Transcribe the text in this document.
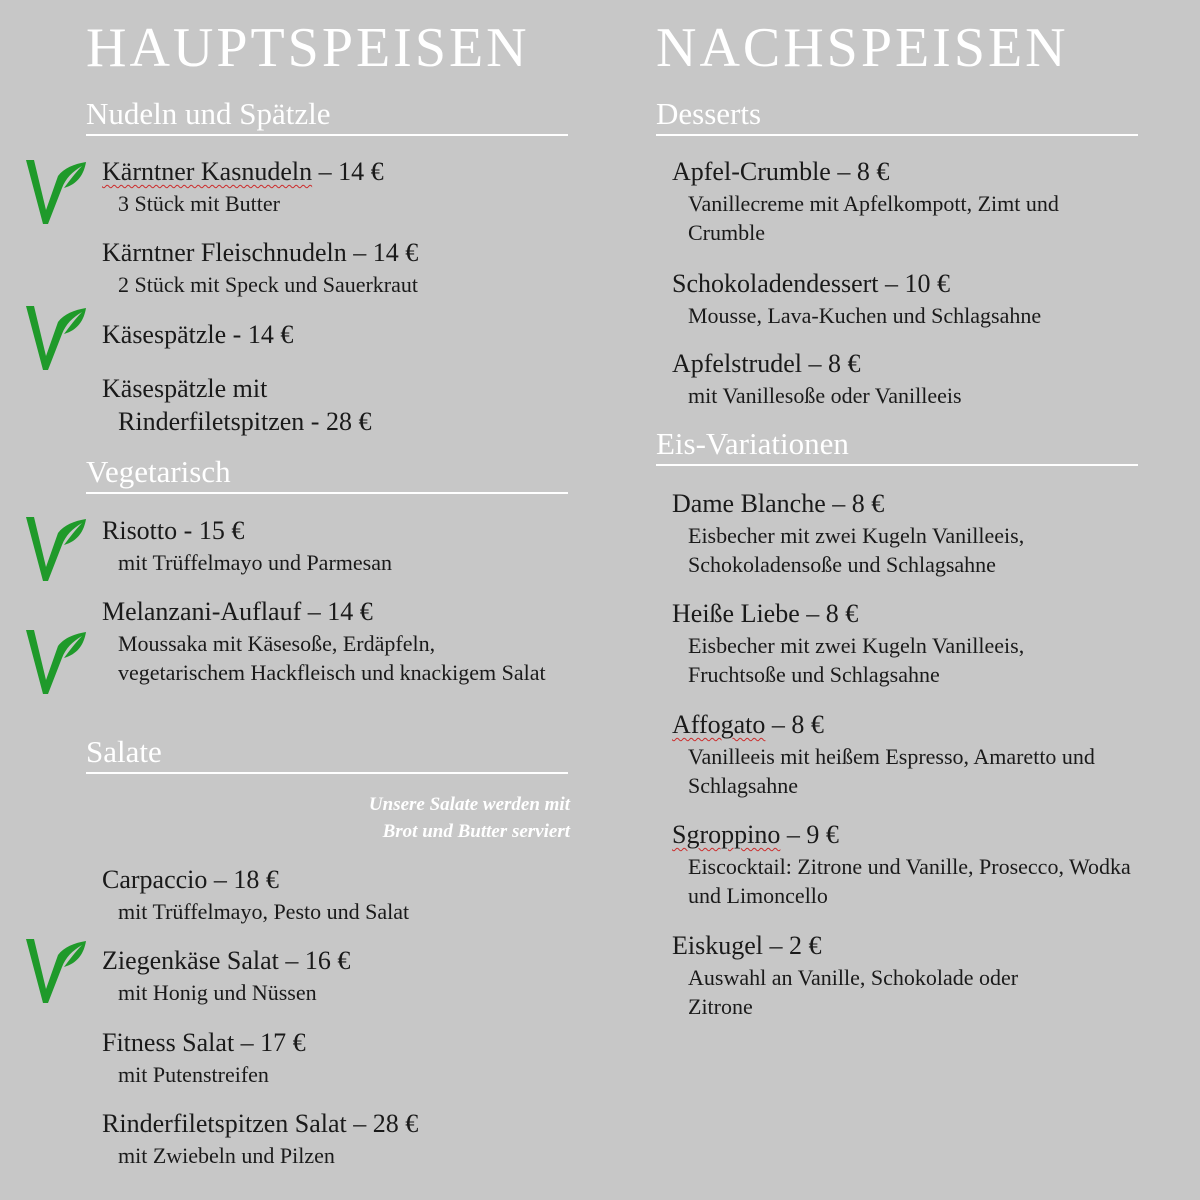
HAUPTSPEISEN
Nudeln und Spätzle
Kärntner Kasnudeln – 14 €
3 Stück mit Butter
Kärntner Fleischnudeln – 14 €
2 Stück mit Speck und Sauerkraut
Käsespätzle - 14 €
Käsespätzle mit
Rinderfiletspitzen - 28 €
Vegetarisch
Risotto - 15 €
mit Trüffelmayo und Parmesan
Melanzani-Auflauf – 14 €
Moussaka mit Käsesoße, Erdäpfeln, vegetarischem Hackfleisch und knackigem Salat
Salate
Unsere Salate werden mit
Brot und Butter serviert
Carpaccio – 18 €
mit Trüffelmayo, Pesto und Salat
Ziegenkäse Salat – 16 €
mit Honig und Nüssen
Fitness Salat – 17 €
mit Putenstreifen
Rinderfiletspitzen Salat – 28 €
mit Zwiebeln und Pilzen
NACHSPEISEN
Desserts
Apfel-Crumble – 8 €
Vanillecreme mit Apfelkompott, Zimt und Crumble
Schokoladendessert – 10 €
Mousse, Lava-Kuchen und Schlagsahne
Apfelstrudel – 8 €
mit Vanillesoße oder Vanilleeis
Eis-Variationen
Dame Blanche – 8 €
Eisbecher mit zwei Kugeln Vanilleeis, Schokoladensoße und Schlagsahne
Heiße Liebe – 8 €
Eisbecher mit zwei Kugeln Vanilleeis, Fruchtsoße und Schlagsahne
Affogato – 8 €
Vanilleeis mit heißem Espresso, Amaretto und Schlagsahne
Sgroppino – 9 €
Eiscocktail: Zitrone und Vanille, Prosecco, Wodka und Limoncello
Eiskugel – 2 €
Auswahl an Vanille, Schokolade oder Zitrone
